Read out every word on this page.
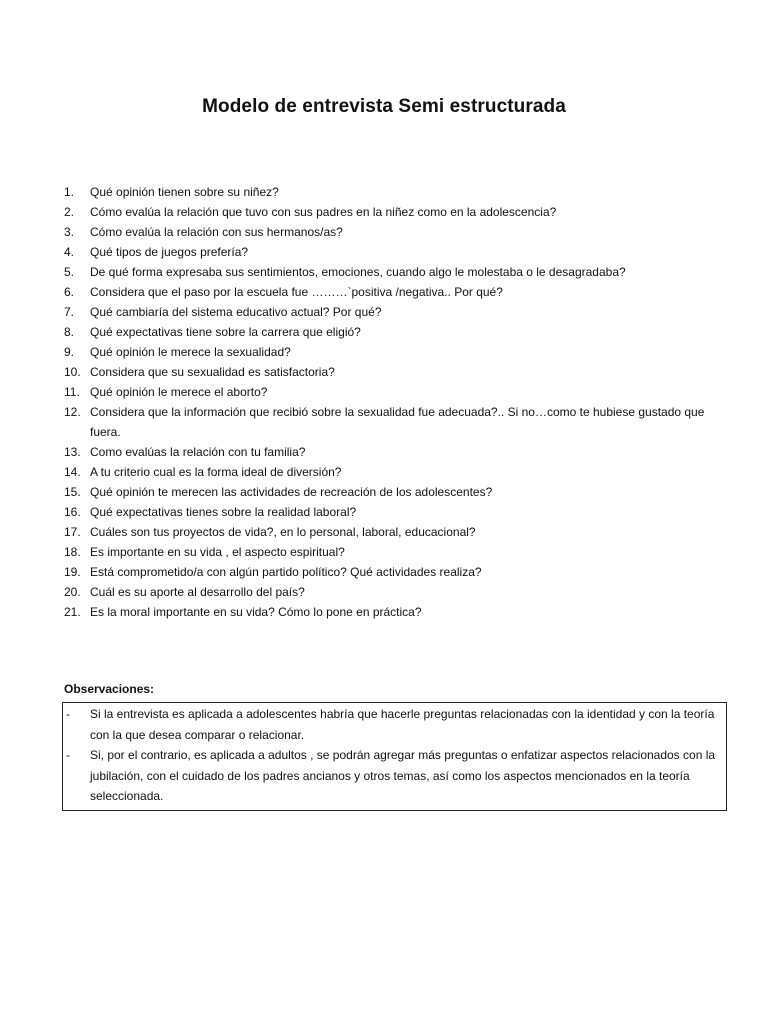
Modelo de entrevista Semi estructurada
1.	Qué opinión tienen sobre su niñez?
2.	Cómo evalúa la relación que tuvo con sus padres en la niñez como en la adolescencia?
3.	Cómo evalúa la relación con sus hermanos/as?
4.	Qué tipos de juegos prefería?
5.	De qué forma expresaba sus sentimientos, emociones, cuando algo le molestaba o le desagradaba?
6.	Considera que el paso por la escuela fue ………`positiva /negativa.. Por qué?
7.	Qué cambiaría del sistema educativo actual? Por qué?
8.	Qué expectativas tiene sobre la carrera que eligió?
9.	Qué opinión le merece la sexualidad?
10. Considera que su sexualidad es satisfactoria?
11. Qué opinión le merece el aborto?
12. Considera que la información que recibió sobre la sexualidad fue adecuada?.. Si no…como te hubiese gustado que fuera.
13. Como evalúas la relación con tu familia?
14. A tu criterio cual es la forma ideal de diversión?
15. Qué opinión te merecen las actividades de recreación de los adolescentes?
16. Qué expectativas tienes sobre la realidad laboral?
17. Cuáles son tus proyectos de vida?, en lo personal, laboral, educacional?
18. Es importante en su vida , el aspecto espiritual?
19. Está comprometido/a con algún partido político? Qué actividades realiza?
20. Cuál es su aporte al desarrollo del país?
21. Es la moral importante en su vida? Cómo lo pone en práctica?
Observaciones:
- Si la entrevista es aplicada a adolescentes habría que hacerle preguntas relacionadas con la identidad y con la teoría con la que desea comparar o relacionar.
- Si, por el contrario, es aplicada a adultos , se podrán agregar más preguntas o enfatizar aspectos relacionados con la jubilación, con el cuidado de los padres ancianos y otros temas, así como los aspectos mencionados en la teoría seleccionada.
